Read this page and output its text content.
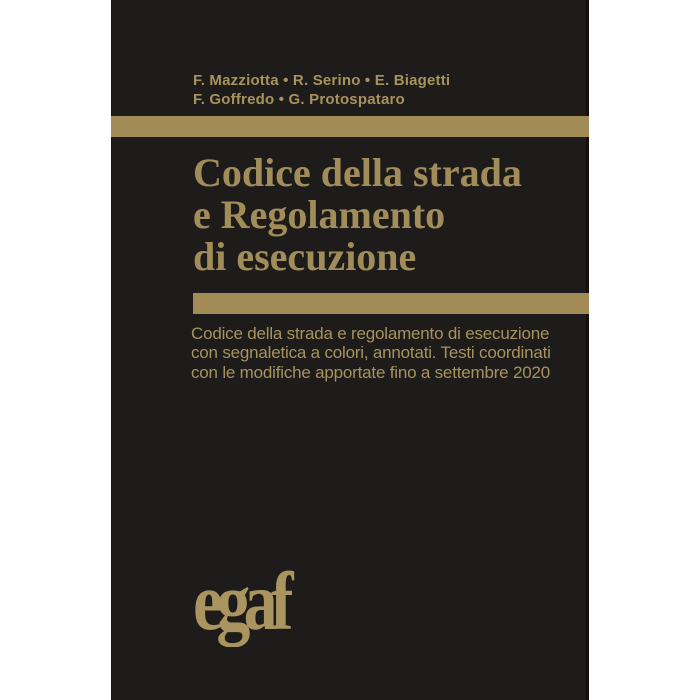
F. Mazziotta • R. Serino • E. Biagetti
F. Goffredo • G. Protospataro
Codice della strada
e Regolamento
di esecuzione
Codice della strada e regolamento di esecuzione
con segnaletica a colori, annotati. Testi coordinati
con le modifiche apportate fino a settembre 2020
egaf
